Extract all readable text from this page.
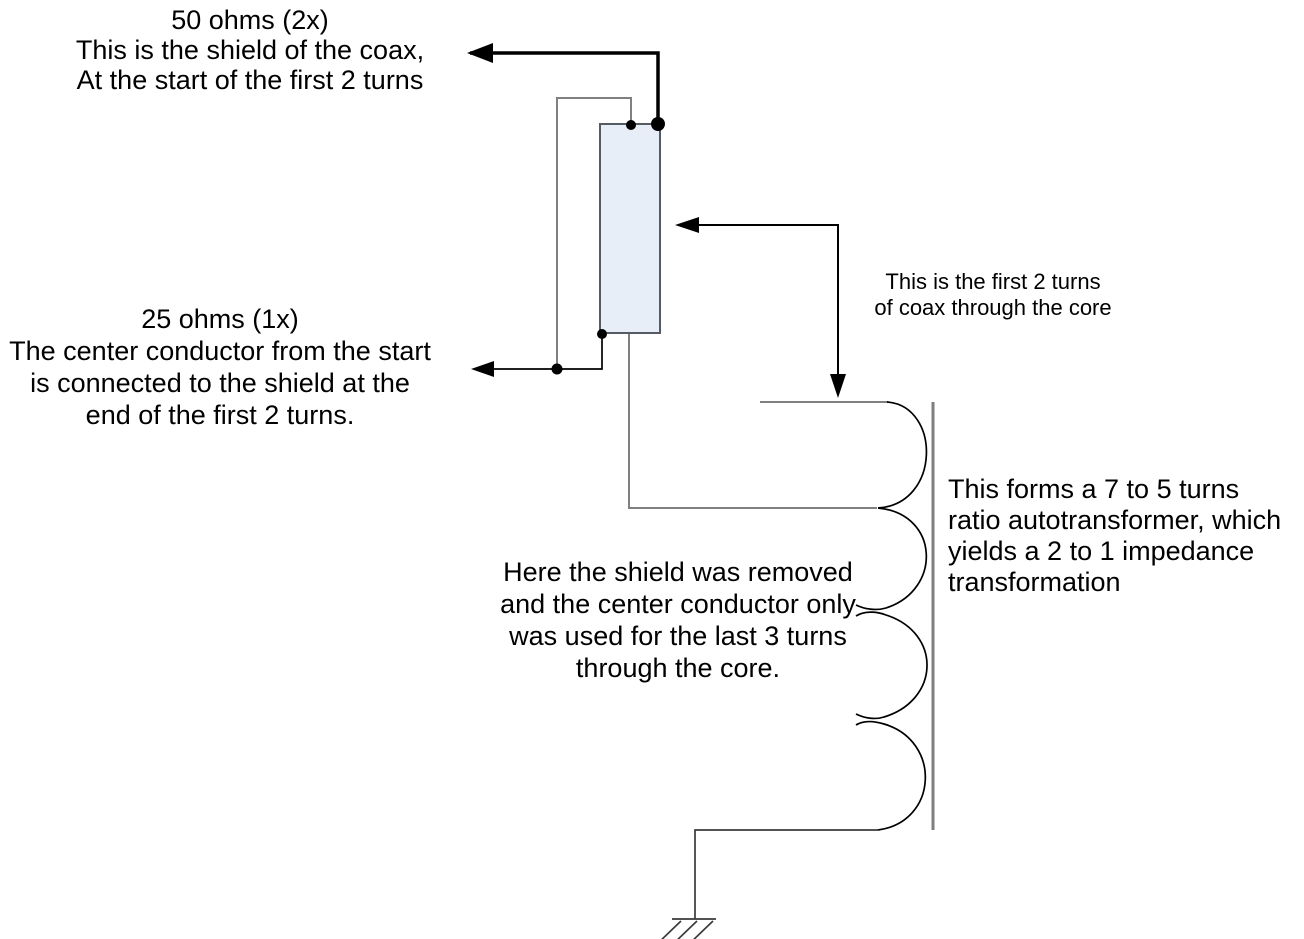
50 ohms (2x)
This is the shield of the coax,
At the start of the first 2 turns
25 ohms (1x)
The center conductor from the start
is connected to the shield at the
end of the first 2 turns.
This is the first 2 turns
of coax through the core
This forms a 7 to 5 turns
ratio autotransformer, which
yields a 2 to 1 impedance
transformation
Here the shield was removed
and the center conductor only
was used for the last 3 turns
through the core.
